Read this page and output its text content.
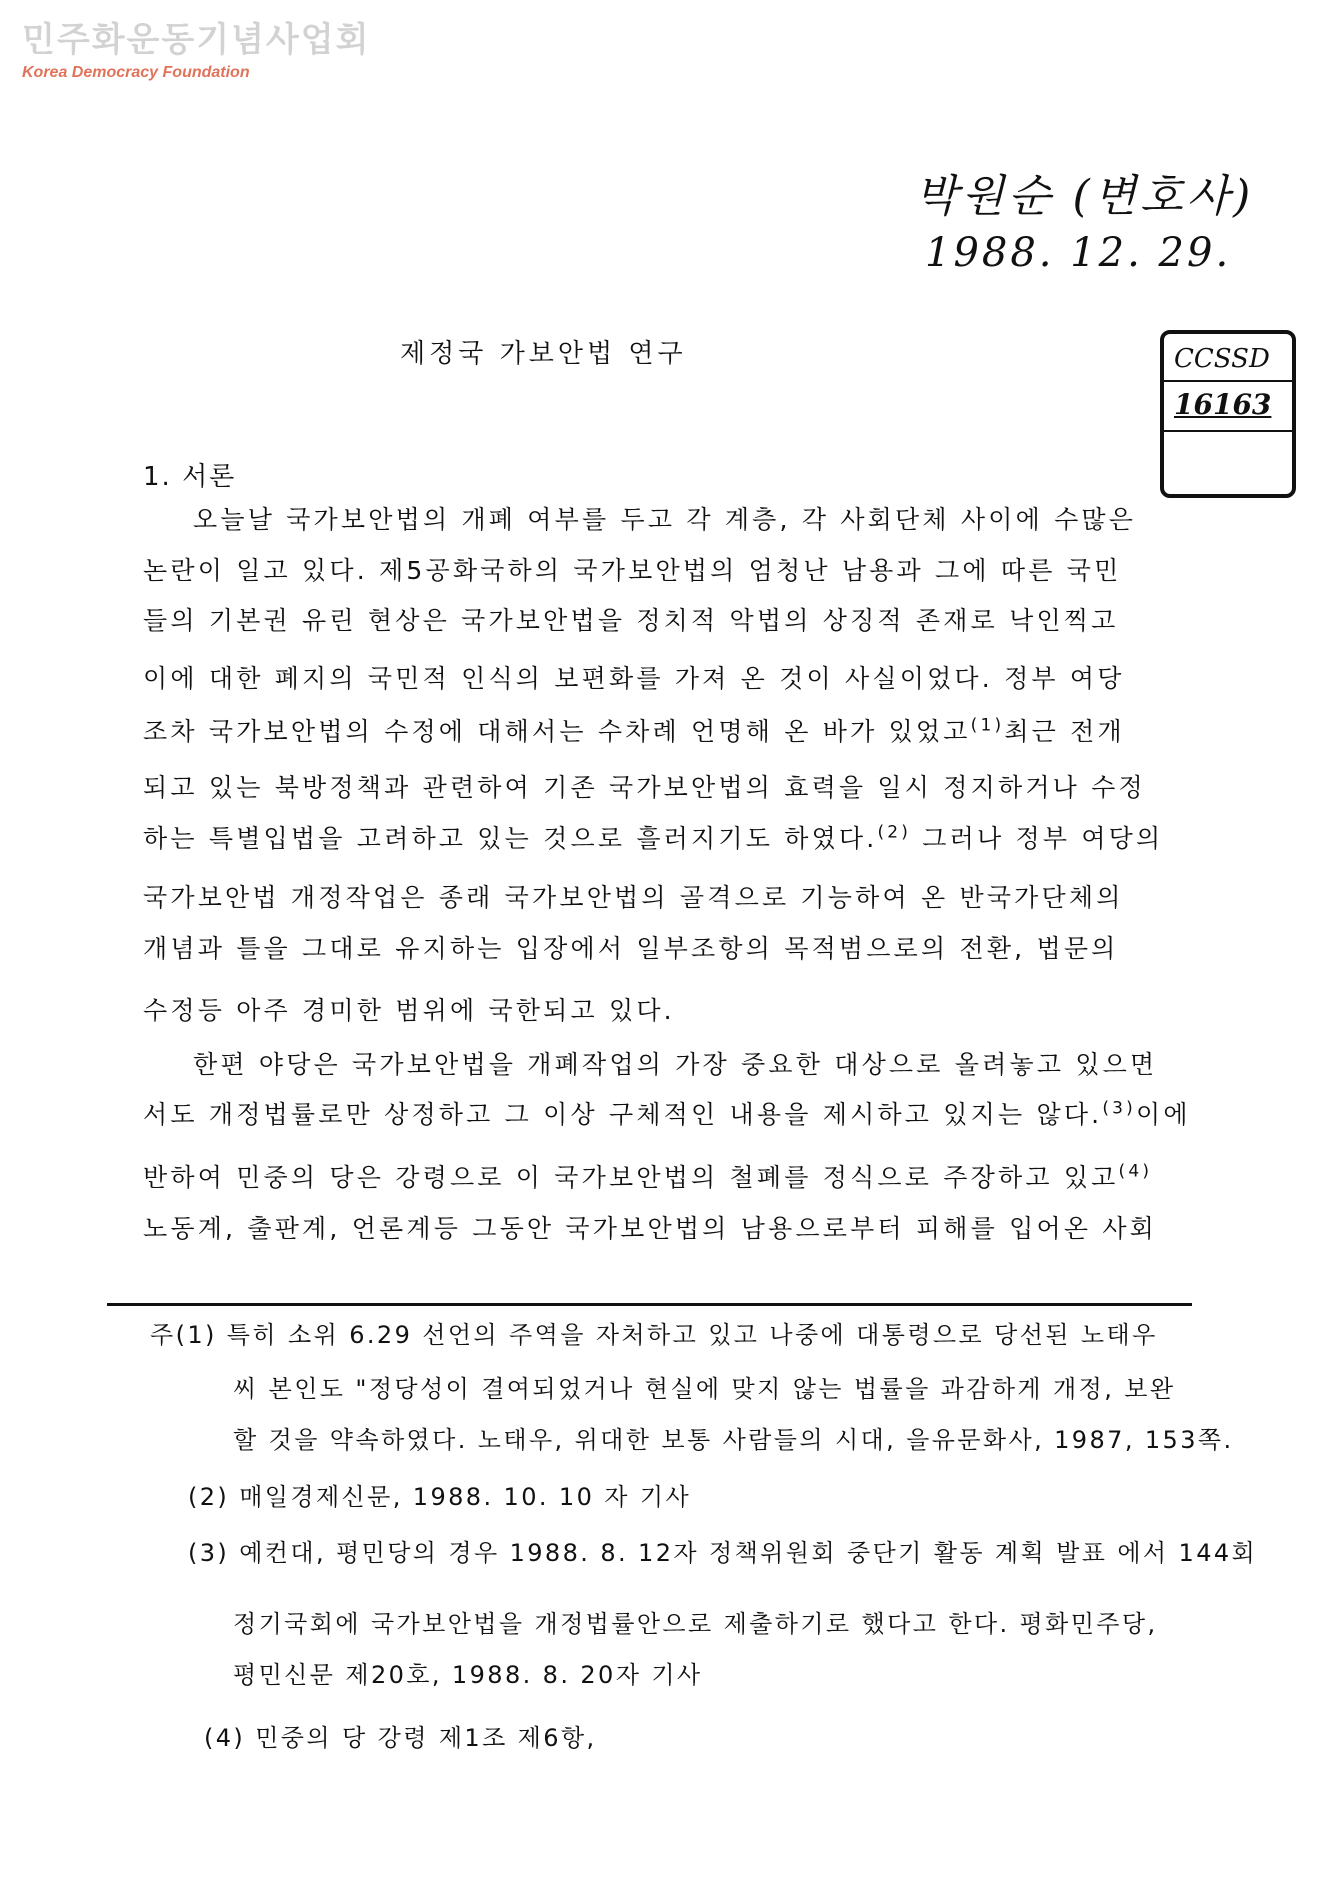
민주화운동기념사업회
Korea Democracy Foundation
박원순 (변호사)
1988. 12. 29.
CCSSD
16163
제정국 가보안법 연구
1. 서론
오늘날 국가보안법의 개폐 여부를 두고 각 계층, 각 사회단체 사이에 수많은
논란이 일고 있다. 제5공화국하의 국가보안법의 엄청난 남용과 그에 따른 국민
들의 기본권 유린 현상은 국가보안법을 정치적 악법의 상징적 존재로 낙인찍고
이에 대한 폐지의 국민적 인식의 보편화를 가져 온 것이 사실이었다. 정부 여당
조차 국가보안법의 수정에 대해서는 수차례 언명해 온 바가 있었고$^{(1)}$최근 전개
되고 있는 북방정책과 관련하여 기존 국가보안법의 효력을 일시 정지하거나 수정
하는 특별입법을 고려하고 있는 것으로 흘러지기도 하였다.$^{(2)}$ 그러나 정부 여당의
국가보안법 개정작업은 종래 국가보안법의 골격으로 기능하여 온 반국가단체의
개념과 틀을 그대로 유지하는 입장에서 일부조항의 목적범으로의 전환, 법문의
수정등 아주 경미한 범위에 국한되고 있다.
한편 야당은 국가보안법을 개폐작업의 가장 중요한 대상으로 올려놓고 있으면
서도 개정법률로만 상정하고 그 이상 구체적인 내용을 제시하고 있지는 않다.$^{(3)}$이에
반하여 민중의 당은 강령으로 이 국가보안법의 철폐를 정식으로 주장하고 있고$^{(4)}$
노동계, 출판계, 언론계등 그동안 국가보안법의 남용으로부터 피해를 입어온 사회
주(1) 특히 소위 6.29 선언의 주역을 자처하고 있고 나중에 대통령으로 당선된 노태우
씨 본인도 "정당성이 결여되었거나 현실에 맞지 않는 법률을 과감하게 개정, 보완
할 것을 약속하였다. 노태우, 위대한 보통 사람들의 시대, 을유문화사, 1987, 153쪽.
(2) 매일경제신문, 1988. 10. 10 자 기사
(3) 예컨대, 평민당의 경우 1988. 8. 12자 정책위원회 중단기 활동 계획 발표 에서 144회
정기국회에 국가보안법을 개정법률안으로 제출하기로 했다고 한다. 평화민주당,
평민신문 제20호, 1988. 8. 20자 기사
(4) 민중의 당 강령 제1조 제6항,
